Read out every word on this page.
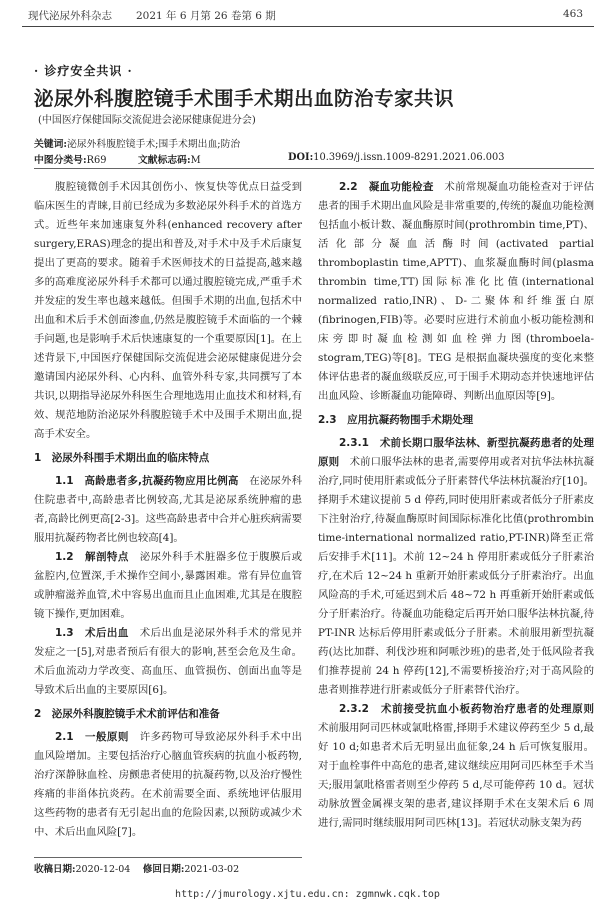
现代泌尿外科杂志 2021 年 6 月第 26 卷第 6 期	463
· 诊疗安全共识 ·
泌尿外科腹腔镜手术围手术期出血防治专家共识
(中国医疗保健国际交流促进会泌尿健康促进分会)
关键词:泌尿外科腹腔镜手术;围手术期出血;防治
中图分类号:R69	文献标志码:M	DOI:10.3969/j.issn.1009-8291.2021.06.003

腹腔镜微创手术因其创伤小、恢复快等优点日益受到临床医生的青睐,目前已经成为多数泌尿外科手术的首选方式。近些年来加速康复外科(enhanced recovery after surgery,ERAS)理念的提出和普及,对手术中及手术后康复提出了更高的要求。随着手术医师技术的日益提高,越来越多的高难度泌尿外科手术都可以通过腹腔镜完成,严重手术并发症的发生率也越来越低。但围手术期的出血,包括术中出血和术后手术创面渗血,仍然是腹腔镜手术面临的一个棘手问题,也是影响手术后快速康复的一个重要原因[1]。在上述背景下,中国医疗保健国际交流促进会泌尿健康促进分会邀请国内泌尿外科、心内科、血管外科专家,共同撰写了本共识,以期指导泌尿外科医生合理地选用止血技术和材料,有效、规范地防治泌尿外科腹腔镜手术中及围手术期出血,提高手术安全。

1　泌尿外科围手术期出血的临床特点

1.1　高龄患者多,抗凝药物应用比例高　 在泌尿外科住院患者中,高龄患者比例较高,尤其是泌尿系统肿瘤的患者,高龄比例更高[2-3]。这些高龄患者中合并心脏疾病需要服用抗凝药物者比例也较高[4]。

1.2　解剖特点　 泌尿外科手术脏器多位于腹膜后或盆腔内,位置深,手术操作空间小,暴露困难。常有异位血管或肿瘤滋养血管,术中容易出血而且止血困难,尤其是在腹腔镜下操作,更加困难。

1.3　术后出血　 术后出血是泌尿外科手术的常见并发症之一[5],对患者预后有很大的影响,甚至会危及生命。术后血流动力学改变、高血压、血管损伤、创面出血等是导致术后出血的主要原因[6]。

2　泌尿外科腹腔镜手术术前评估和准备

2.1　一般原则　 许多药物可导致泌尿外科手术中出血风险增加。主要包括治疗心脑血管疾病的抗血小板药物,治疗深静脉血栓、房颤患者使用的抗凝药物,以及治疗慢性疼痛的非甾体抗炎药。在术前需要全面、系统地评估服用这些药物的患者有无引起出血的危险因素,以预防或减少术中、术后出血风险[7]。

2.2　凝血功能检查　 术前常规凝血功能检查对于评估患者的围手术期出血风险是非常重要的,传统的凝血功能检测包括血小板计数、凝血酶原时间(prothrombin time,PT)、活化部分凝血活酶时间(activated partial thromboplastin time,APTT)、血浆凝血酶时间(plasma thrombin time,TT)国际标准化比值(international normalized ratio,INR)、D-二聚体和纤维蛋白原(fibrinogen,FIB)等。必要时应进行术前血小板功能检测和床旁即时凝血检测如血栓弹力图(thromboela-stogram,TEG)等[8]。TEG 是根据血凝块强度的变化来整体评估患者的凝血级联反应,可于围手术期动态并快速地评估出血风险、诊断凝血功能障碍、判断出血原因等[9]。

2.3　应用抗凝药物围手术期处理

2.3.1　术前长期口服华法林、新型抗凝药患者的处理原则　 术前口服华法林的患者,需要停用或者对抗华法林抗凝治疗,同时使用肝素或低分子肝素替代华法林抗凝治疗[10]。择期手术建议提前 5 d 停药,同时使用肝素或者低分子肝素皮下注射治疗,待凝血酶原时间国际标准化比值(prothrombin time-international normalized ratio,PT-INR)降至正常后安排手术[11]。术前 12~24 h 停用肝素或低分子肝素治疗,在术后 12~24 h 重新开始肝素或低分子肝素治疗。出血风险高的手术,可延迟到术后 48~72 h 再重新开始肝素或低分子肝素治疗。待凝血功能稳定后再开始口服华法林抗凝,待 PT-INR 达标后停用肝素或低分子肝素。术前服用新型抗凝药(达比加群、利伐沙班和阿哌沙班)的患者,处于低风险者我们推荐提前 24 h 停药[12],不需要桥接治疗;对于高风险的患者则推荐进行肝素或低分子肝素替代治疗。

2.3.2　术前接受抗血小板药物治疗患者的处理原则　术前服用阿司匹林或氯吡格雷,择期手术建议停药至少 5 d,最好 10 d;如患者术后无明显出血征象,24 h 后可恢复服用。对于血栓事件中高危的患者,建议继续应用阿司匹林至手术当天;服用氯吡格雷者则至少停药 5 d,尽可能停药 10 d。冠状动脉放置金属裸支架的患者,建议择期手术在支架术后 6 周进行,需同时继续服用阿司匹林[13]。若冠状动脉支架为药

收稿日期:2020-12-04 　 修回日期:2021-03-02
http://jmurology.xjtu.edu.cn: zgmnwk.cqk.top
